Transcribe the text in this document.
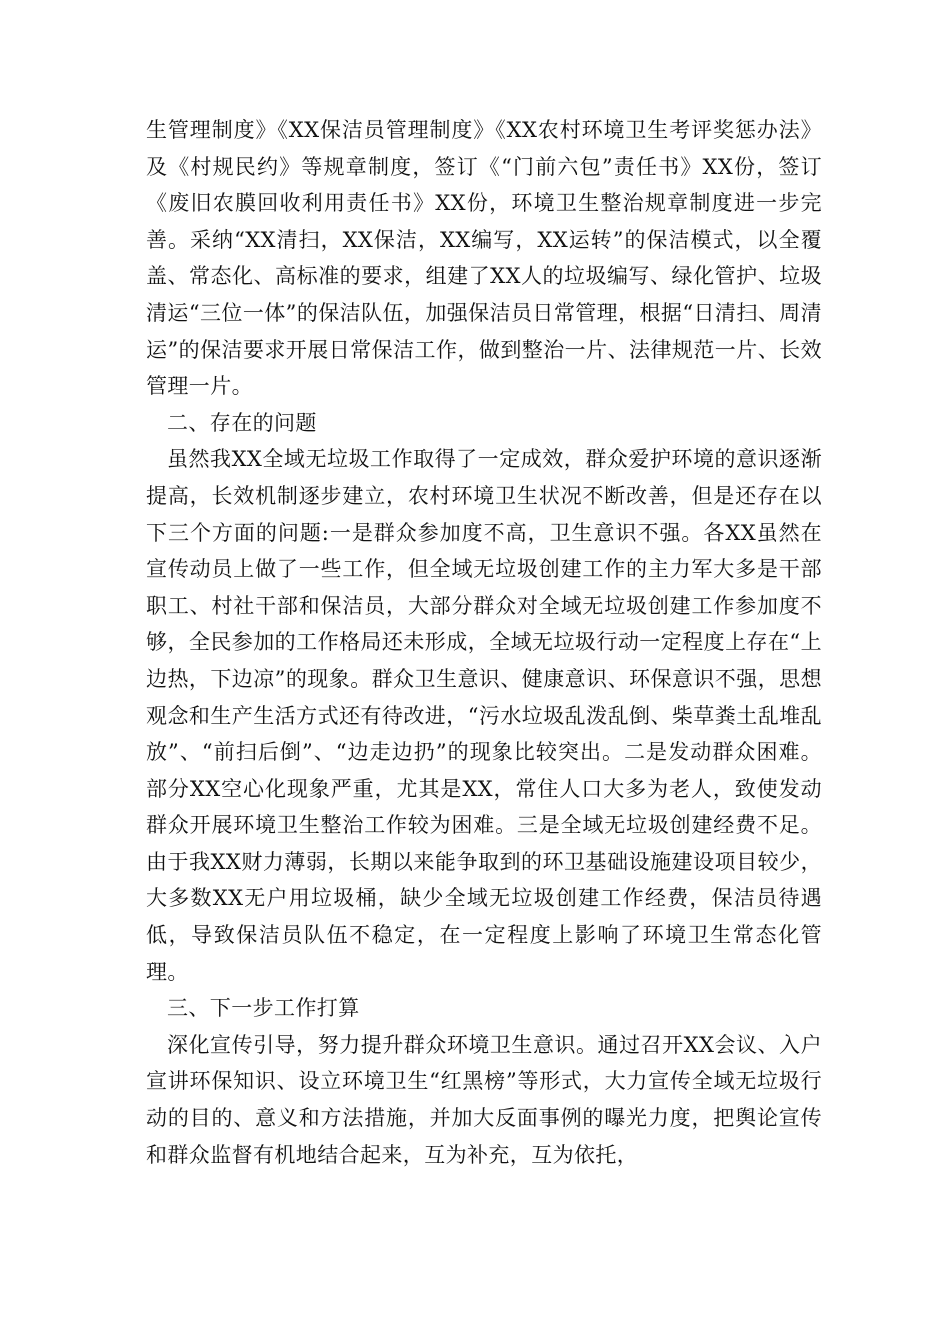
生管理制度》《XX保洁员管理制度》《XX农村环境卫生考评奖惩办法》及《村规民约》等规章制度，签订《“门前六包”责任书》XX份，签订《废旧农膜回收利用责任书》XX份，环境卫生整治规章制度进一步完善。采纳“XX清扫，XX保洁，XX编写，XX运转”的保洁模式，以全覆盖、常态化、高标准的要求，组建了XX人的垃圾编写、绿化管护、垃圾清运“三位一体”的保洁队伍，加强保洁员日常管理，根据“日清扫、周清运”的保洁要求开展日常保洁工作，做到整治一片、法律规范一片、长效管理一片。

二、存在的问题

虽然我XX全域无垃圾工作取得了一定成效，群众爱护环境的意识逐渐提高，长效机制逐步建立，农村环境卫生状况不断改善，但是还存在以下三个方面的问题:一是群众参加度不高，卫生意识不强。各XX虽然在宣传动员上做了一些工作，但全域无垃圾创建工作的主力军大多是干部职工、村社干部和保洁员，大部分群众对全域无垃圾创建工作参加度不够，全民参加的工作格局还未形成，全域无垃圾行动一定程度上存在“上边热，下边凉”的现象。群众卫生意识、健康意识、环保意识不强，思想观念和生产生活方式还有待改进，“污水垃圾乱泼乱倒、柴草粪土乱堆乱放”、“前扫后倒”、“边走边扔”的现象比较突出。二是发动群众困难。部分XX空心化现象严重，尤其是XX，常住人口大多为老人，致使发动群众开展环境卫生整治工作较为困难。三是全域无垃圾创建经费不足。由于我XX财力薄弱，长期以来能争取到的环卫基础设施建设项目较少，大多数XX无户用垃圾桶，缺少全域无垃圾创建工作经费，保洁员待遇低，导致保洁员队伍不稳定，在一定程度上影响了环境卫生常态化管理。

三、下一步工作打算

深化宣传引导，努力提升群众环境卫生意识。通过召开XX会议、入户宣讲环保知识、设立环境卫生“红黑榜”等形式，大力宣传全域无垃圾行动的目的、意义和方法措施，并加大反面事例的曝光力度，把舆论宣传和群众监督有机地结合起来，互为补充，互为依托，
